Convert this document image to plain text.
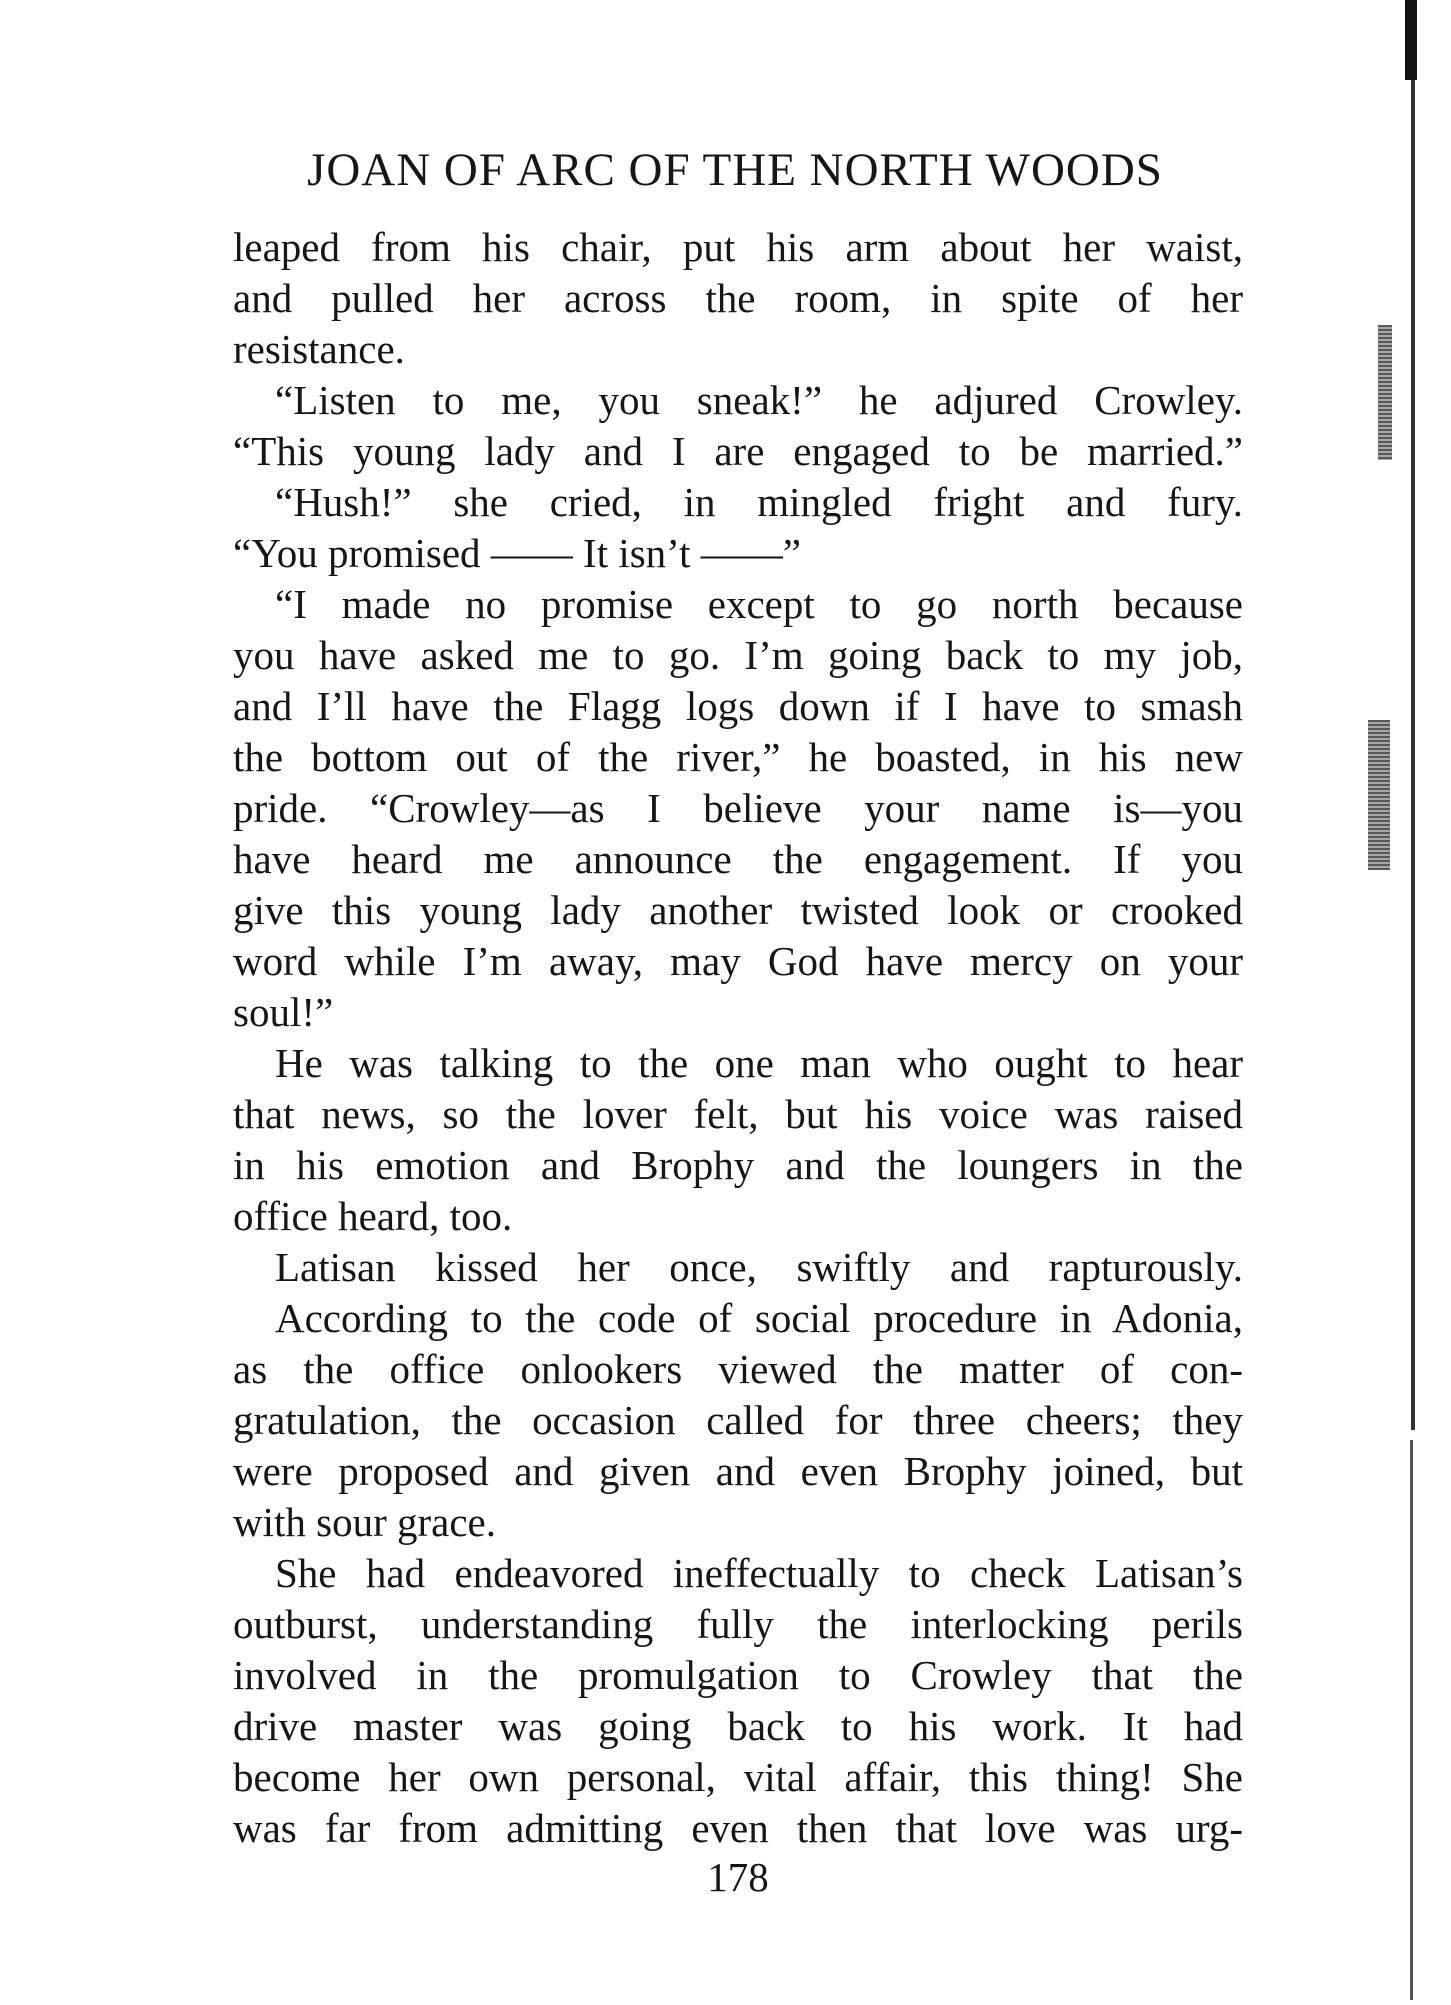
JOAN OF ARC OF THE NORTH WOODS

leaped from his chair, put his arm about her waist,
and pulled her across the room, in spite of her
resistance.

“Listen to me, you sneak!” he adjured Crowley.
“This young lady and I are engaged to be married.”

“Hush!” she cried, in mingled fright and fury.
“You promised —— It isn’t ——”

“I made no promise except to go north because
you have asked me to go. I’m going back to my job,
and I’ll have the Flagg logs down if I have to smash
the bottom out of the river,” he boasted, in his new
pride. “Crowley—as I believe your name is—you
have heard me announce the engagement. If you
give this young lady another twisted look or crooked
word while I’m away, may God have mercy on your
soul!”

He was talking to the one man who ought to hear
that news, so the lover felt, but his voice was raised
in his emotion and Brophy and the loungers in the
office heard, too.

Latisan kissed her once, swiftly and rapturously.

According to the code of social procedure in Adonia,
as the office onlookers viewed the matter of con-
gratulation, the occasion called for three cheers; they
were proposed and given and even Brophy joined, but
with sour grace.

She had endeavored ineffectually to check Latisan’s
outburst, understanding fully the interlocking perils
involved in the promulgation to Crowley that the
drive master was going back to his work. It had
become her own personal, vital affair, this thing! She
was far from admitting even then that love was urg-

178
